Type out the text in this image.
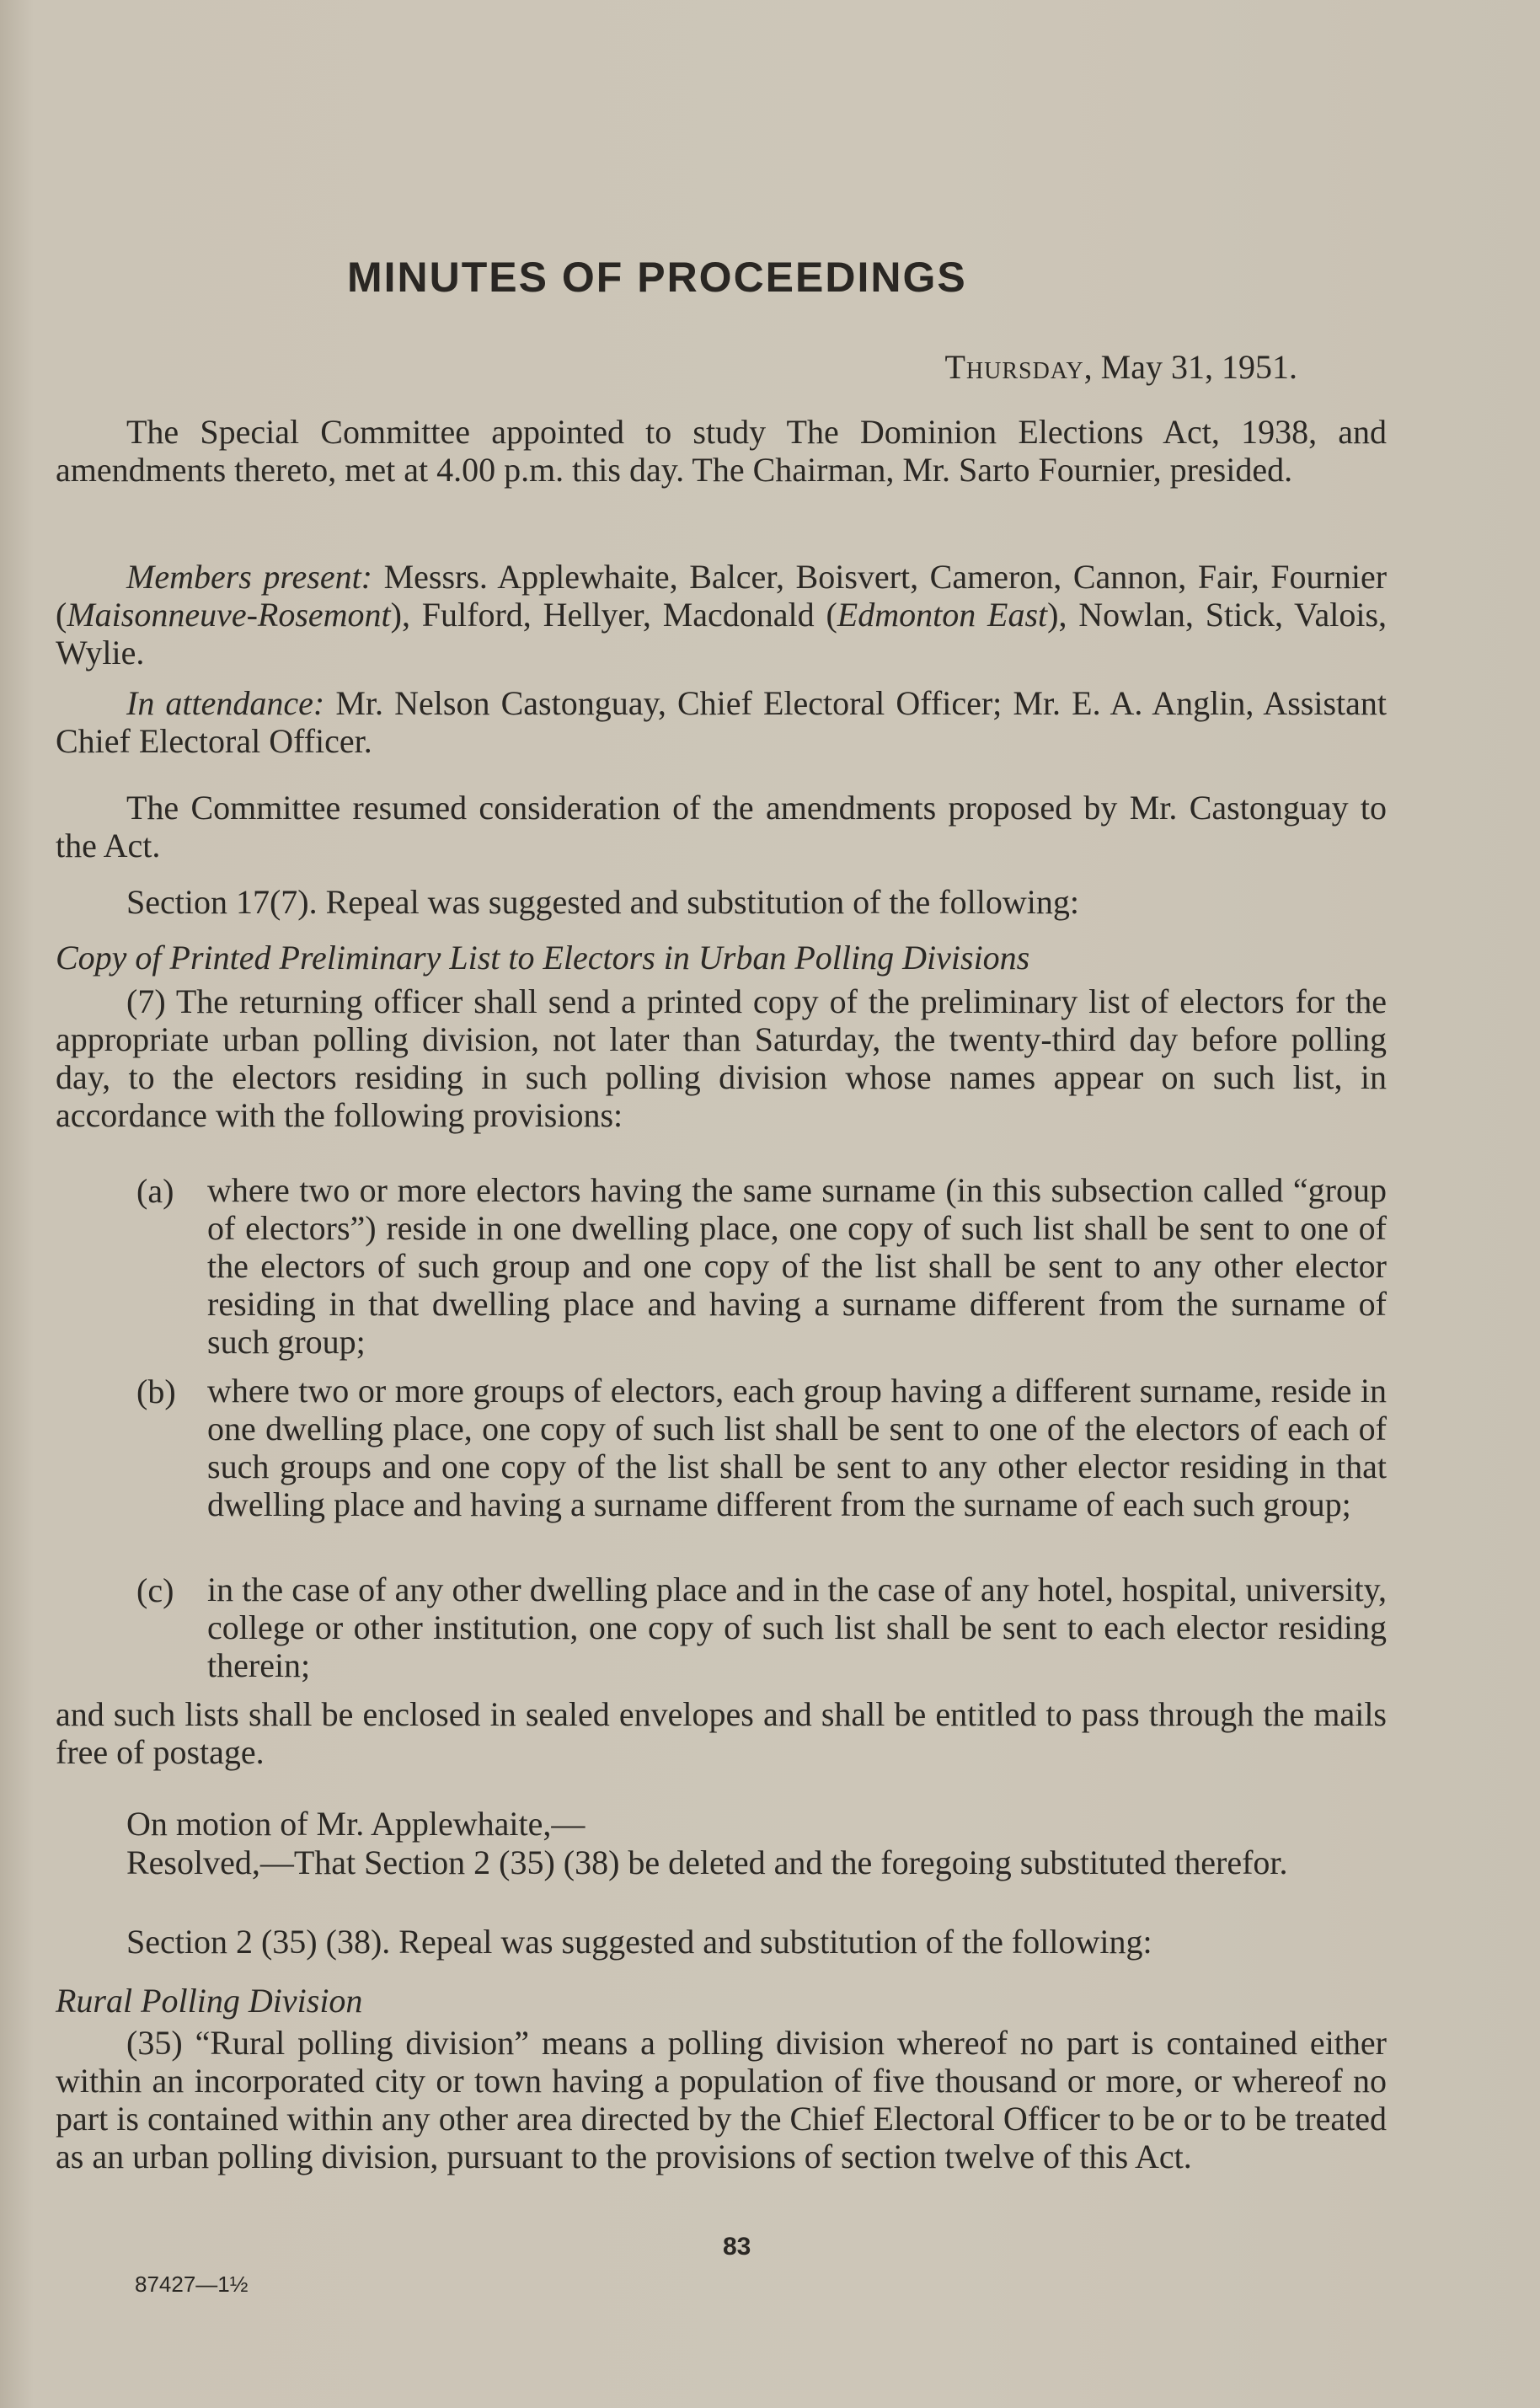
MINUTES OF PROCEEDINGS
Thursday, May 31, 1951.

The Special Committee appointed to study The Dominion Elections Act, 1938, and amendments thereto, met at 4.00 p.m. this day. The Chairman, Mr. Sarto Fournier, presided.

Members present: Messrs. Applewhaite, Balcer, Boisvert, Cameron, Cannon, Fair, Fournier (Maisonneuve-Rosemont), Fulford, Hellyer, Macdonald (Edmonton East), Nowlan, Stick, Valois, Wylie.

In attendance: Mr. Nelson Castonguay, Chief Electoral Officer; Mr. E. A. Anglin, Assistant Chief Electoral Officer.

The Committee resumed consideration of the amendments proposed by Mr. Castonguay to the Act.

Section 17(7). Repeal was suggested and substitution of the following:

Copy of Printed Preliminary List to Electors in Urban Polling Divisions

(7) The returning officer shall send a printed copy of the preliminary list of electors for the appropriate urban polling division, not later than Saturday, the twenty-third day before polling day, to the electors residing in such polling division whose names appear on such list, in accordance with the following provisions:

(a) where two or more electors having the same surname (in this subsection called “group of electors”) reside in one dwelling place, one copy of such list shall be sent to one of the electors of such group and one copy of the list shall be sent to any other elector residing in that dwelling place and having a surname different from the surname of such group;

(b) where two or more groups of electors, each group having a different surname, reside in one dwelling place, one copy of such list shall be sent to one of the electors of each of such groups and one copy of the list shall be sent to any other elector residing in that dwelling place and having a surname different from the surname of each such group;

(c) in the case of any other dwelling place and in the case of any hotel, hospital, university, college or other institution, one copy of such list shall be sent to each elector residing therein;

and such lists shall be enclosed in sealed envelopes and shall be entitled to pass through the mails free of postage.

On motion of Mr. Applewhaite,—

Resolved,—That Section 2 (35) (38) be deleted and the foregoing substituted therefor.

Section 2 (35) (38). Repeal was suggested and substitution of the following:

Rural Polling Division

(35) “Rural polling division” means a polling division whereof no part is contained either within an incorporated city or town having a population of five thousand or more, or whereof no part is contained within any other area directed by the Chief Electoral Officer to be or to be treated as an urban polling division, pursuant to the provisions of section twelve of this Act.

83
87427—1½
